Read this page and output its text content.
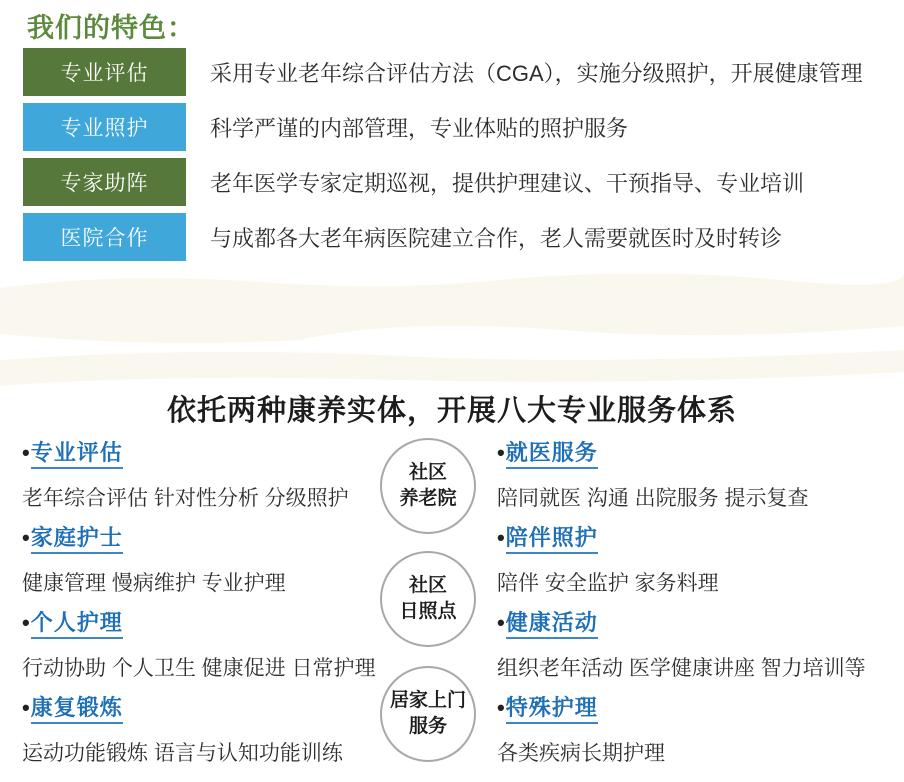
我们的特色：
专业评估	采用专业老年综合评估方法（CGA），实施分级照护，开展健康管理
专业照护	科学严谨的内部管理，专业体贴的照护服务
专家助阵	老年医学专家定期巡视，提供护理建议、干预指导、专业培训
医院合作	与成都各大老年病医院建立合作，老人需要就医时及时转诊
依托两种康养实体，开展八大专业服务体系
•专业评估
老年综合评估 针对性分析 分级照护
•家庭护士
健康管理 慢病维护 专业护理
•个人护理
行动协助 个人卫生 健康促进 日常护理
•康复锻炼
运动功能锻炼 语言与认知功能训练
社区
养老院
社区
日照点
居家上门
服务
•就医服务
陪同就医 沟通 出院服务 提示复查
•陪伴照护
陪伴 安全监护 家务料理
•健康活动
组织老年活动 医学健康讲座 智力培训等
•特殊护理
各类疾病长期护理
